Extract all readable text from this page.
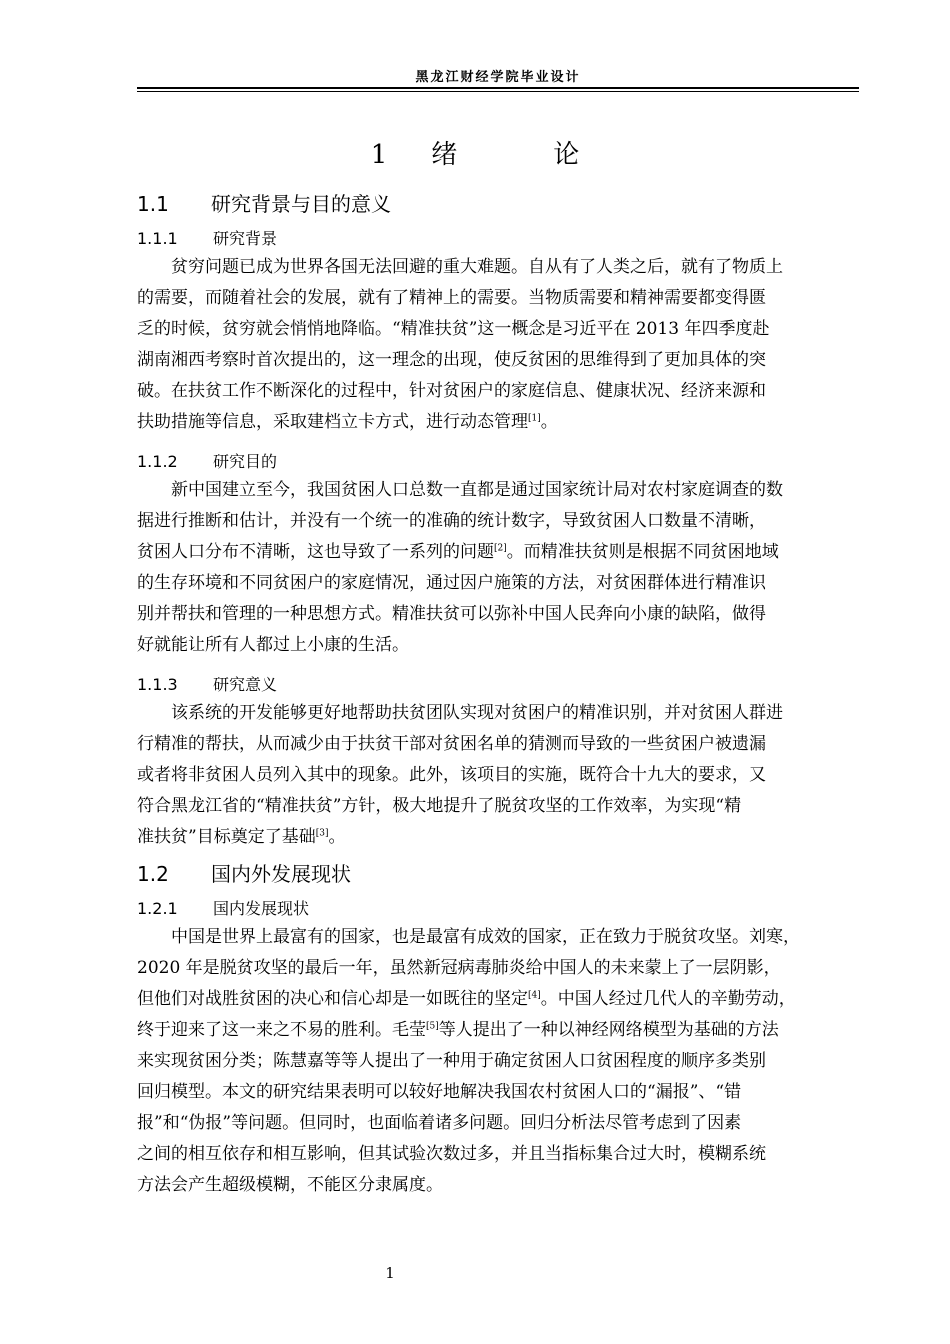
黑龙江财经学院毕业设计
1 绪	论
1.1 研究背景与目的意义
1.1.1 研究背景
贫穷问题已成为世界各国无法回避的重大难题。自从有了人类之后，就有了物质上
的需要，而随着社会的发展，就有了精神上的需要。当物质需要和精神需要都变得匮
乏的时候，贫穷就会悄悄地降临。“精准扶贫”这一概念是习近平在 2013 年四季度赴
湖南湘西考察时首次提出的，这一理念的出现，使反贫困的思维得到了更加具体的突
破。在扶贫工作不断深化的过程中，针对贫困户的家庭信息、健康状况、经济来源和
扶助措施等信息，采取建档立卡方式，进行动态管理[1]。
1.1.2 研究目的
新中国建立至今，我国贫困人口总数一直都是通过国家统计局对农村家庭调查的数
据进行推断和估计，并没有一个统一的准确的统计数字，导致贫困人口数量不清晰，
贫困人口分布不清晰，这也导致了一系列的问题[2]。而精准扶贫则是根据不同贫困地域
的生存环境和不同贫困户的家庭情况，通过因户施策的方法，对贫困群体进行精准识
别并帮扶和管理的一种思想方式。精准扶贫可以弥补中国人民奔向小康的缺陷，做得
好就能让所有人都过上小康的生活。
1.1.3 研究意义
该系统的开发能够更好地帮助扶贫团队实现对贫困户的精准识别，并对贫困人群进
行精准的帮扶，从而减少由于扶贫干部对贫困名单的猜测而导致的一些贫困户被遗漏
或者将非贫困人员列入其中的现象。此外，该项目的实施，既符合十九大的要求，又
符合黑龙江省的“精准扶贫”方针，极大地提升了脱贫攻坚的工作效率，为实现“精
准扶贫”目标奠定了基础[3]。
1.2 国内外发展现状
1.2.1 国内发展现状
中国是世界上最富有的国家，也是最富有成效的国家，正在致力于脱贫攻坚。刘寒，
2020 年是脱贫攻坚的最后一年，虽然新冠病毒肺炎给中国人的未来蒙上了一层阴影，
但他们对战胜贫困的决心和信心却是一如既往的坚定[4]。中国人经过几代人的辛勤劳动，
终于迎来了这一来之不易的胜利。毛莹[5]等人提出了一种以神经网络模型为基础的方法
来实现贫困分类；陈慧嘉等等人提出了一种用于确定贫困人口贫困程度的顺序多类别
回归模型。本文的研究结果表明可以较好地解决我国农村贫困人口的“漏报”、“错
报”和“伪报”等问题。但同时，也面临着诸多问题。回归分析法尽管考虑到了因素
之间的相互依存和相互影响，但其试验次数过多，并且当指标集合过大时，模糊系统
方法会产生超级模糊，不能区分隶属度。
1
